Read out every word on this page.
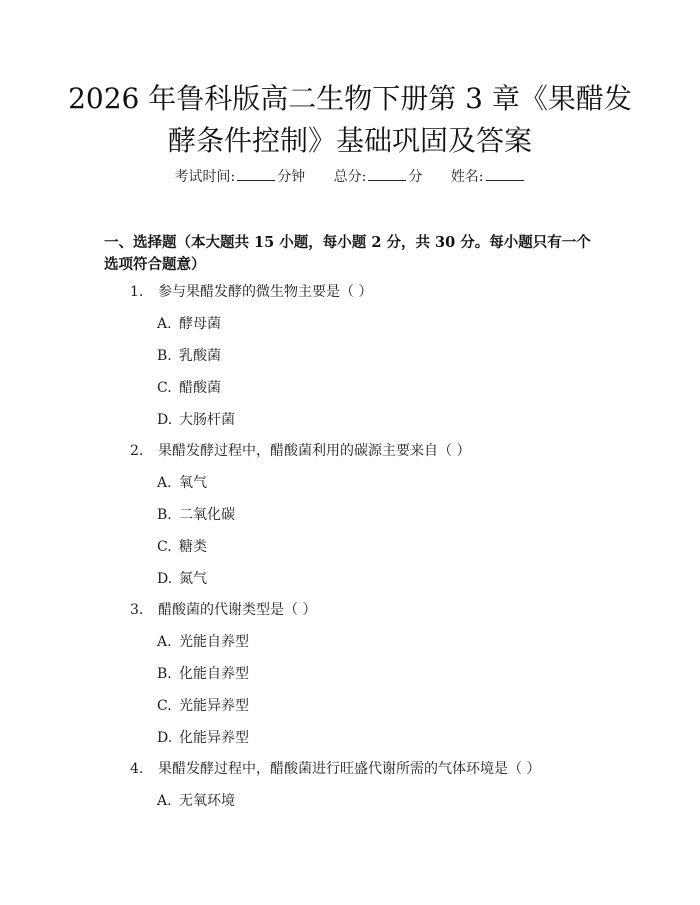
2026 年鲁科版高二生物下册第 3 章《果醋发
酵条件控制》基础巩固及答案
考试时间:	分钟 总分:	分 姓名:
一、选择题（本大题共 15 小题，每小题 2 分，共 30 分。每小题只有一个选项符合题意）
1. 参与果醋发酵的微生物主要是（ ）
A. 酵母菌
B. 乳酸菌
C. 醋酸菌
D. 大肠杆菌
2. 果醋发酵过程中，醋酸菌利用的碳源主要来自（ ）
A. 氧气
B. 二氧化碳
C. 糖类
D. 氮气
3. 醋酸菌的代谢类型是（ ）
A. 光能自养型
B. 化能自养型
C. 光能异养型
D. 化能异养型
4. 果醋发酵过程中，醋酸菌进行旺盛代谢所需的气体环境是（ ）
A. 无氧环境
